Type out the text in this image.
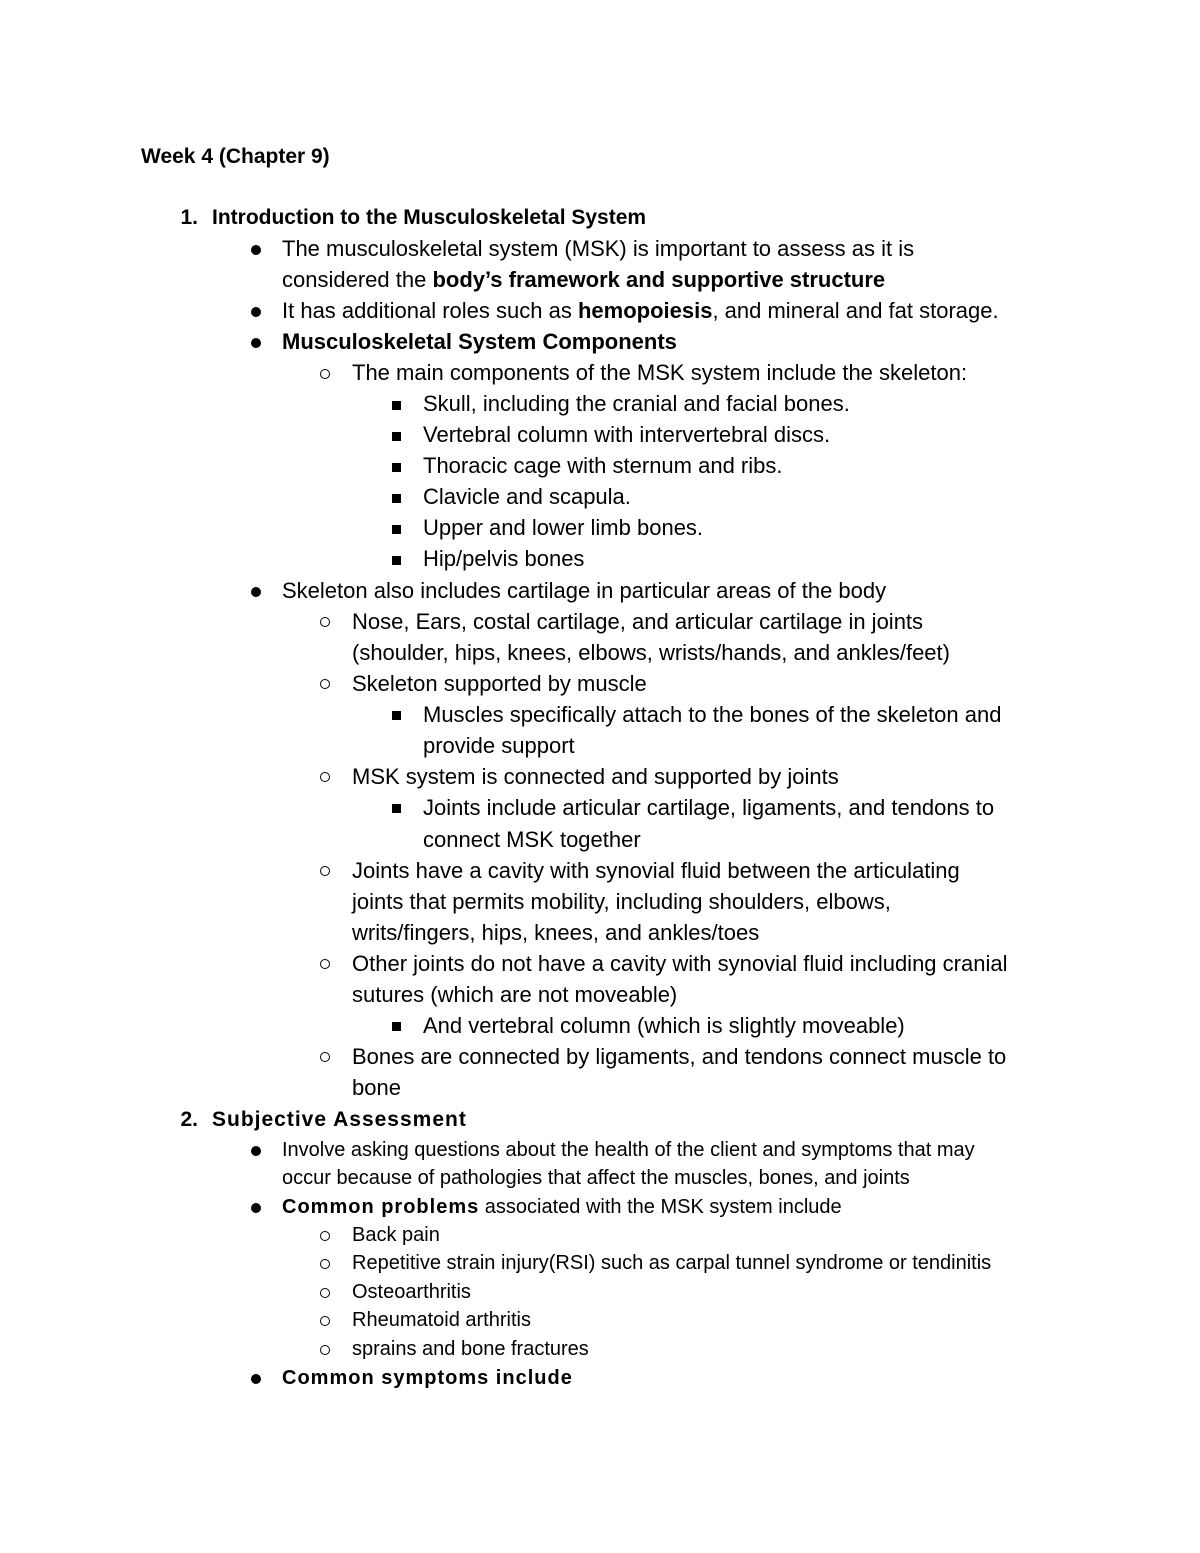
Week 4 (Chapter 9)
1. Introduction to the Musculoskeletal System
The musculoskeletal system (MSK) is important to assess as it is
considered the body’s framework and supportive structure
It has additional roles such as hemopoiesis, and mineral and fat storage.
Musculoskeletal System Components
The main components of the MSK system include the skeleton:
Skull, including the cranial and facial bones.
Vertebral column with intervertebral discs.
Thoracic cage with sternum and ribs.
Clavicle and scapula.
Upper and lower limb bones.
Hip/pelvis bones
Skeleton also includes cartilage in particular areas of the body
Nose, Ears, costal cartilage, and articular cartilage in joints
(shoulder, hips, knees, elbows, wrists/hands, and ankles/feet)
Skeleton supported by muscle
Muscles specifically attach to the bones of the skeleton and
provide support
MSK system is connected and supported by joints
Joints include articular cartilage, ligaments, and tendons to
connect MSK together
Joints have a cavity with synovial fluid between the articulating
joints that permits mobility, including shoulders, elbows,
writs/fingers, hips, knees, and ankles/toes
Other joints do not have a cavity with synovial fluid including cranial
sutures (which are not moveable)
And vertebral column (which is slightly moveable)
Bones are connected by ligaments, and tendons connect muscle to
bone
2. Subjective Assessment
Involve asking questions about the health of the client and symptoms that may
occur because of pathologies that affect the muscles, bones, and joints
Common problems associated with the MSK system include
Back pain
Repetitive strain injury(RSI) such as carpal tunnel syndrome or tendinitis
Osteoarthritis
Rheumatoid arthritis
sprains and bone fractures
Common symptoms include
